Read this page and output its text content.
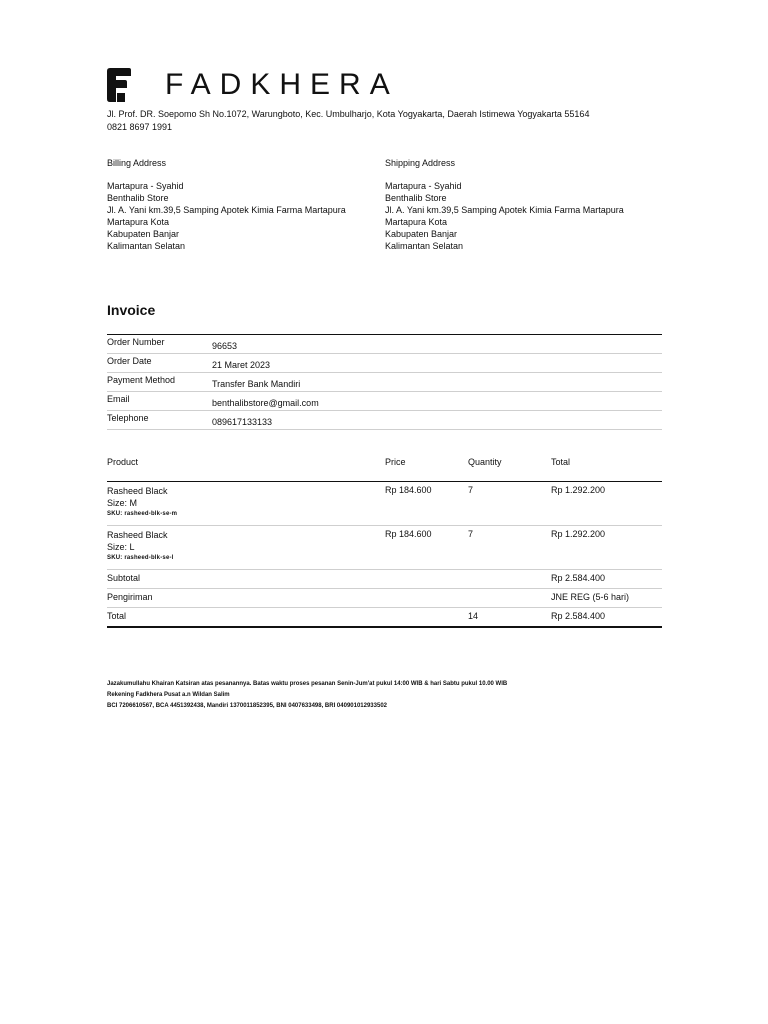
FADKHERA
Jl. Prof. DR. Soepomo Sh No.1072, Warungboto, Kec. Umbulharjo, Kota Yogyakarta, Daerah Istimewa Yogyakarta 55164
0821 8697 1991
Billing Address
Martapura - Syahid
Benthalib Store
Jl. A. Yani km.39,5 Samping Apotek Kimia Farma Martapura
Martapura Kota
Kabupaten Banjar
Kalimantan Selatan
Shipping Address
Martapura - Syahid
Benthalib Store
Jl. A. Yani km.39,5 Samping Apotek Kimia Farma Martapura
Martapura Kota
Kabupaten Banjar
Kalimantan Selatan
Invoice
Order Number	96653
Order Date	21 Maret 2023
Payment Method	Transfer Bank Mandiri
Email	benthalibstore@gmail.com
Telephone	089617133133
Product	Price	Quantity	Total
Rasheed Black
Size: M
SKU: rasheed-blk-se-m
Rp 184.600	7	Rp 1.292.200
Rasheed Black
Size: L
SKU: rasheed-blk-se-l
Rp 184.600	7	Rp 1.292.200
Subtotal	Rp 2.584.400
Pengiriman	JNE REG (5-6 hari)
Total	14	Rp 2.584.400
Jazakumullahu Khairan Katsiran atas pesanannya. Batas waktu proses pesanan Senin-Jum'at pukul 14:00 WIB & hari Sabtu pukul 10.00 WIB
Rekening Fadkhera Pusat a.n Wildan Salim
BCI 7206610567, BCA 4451392438, Mandiri 1370011852395, BNI 0407633498, BRI 040901012933502
